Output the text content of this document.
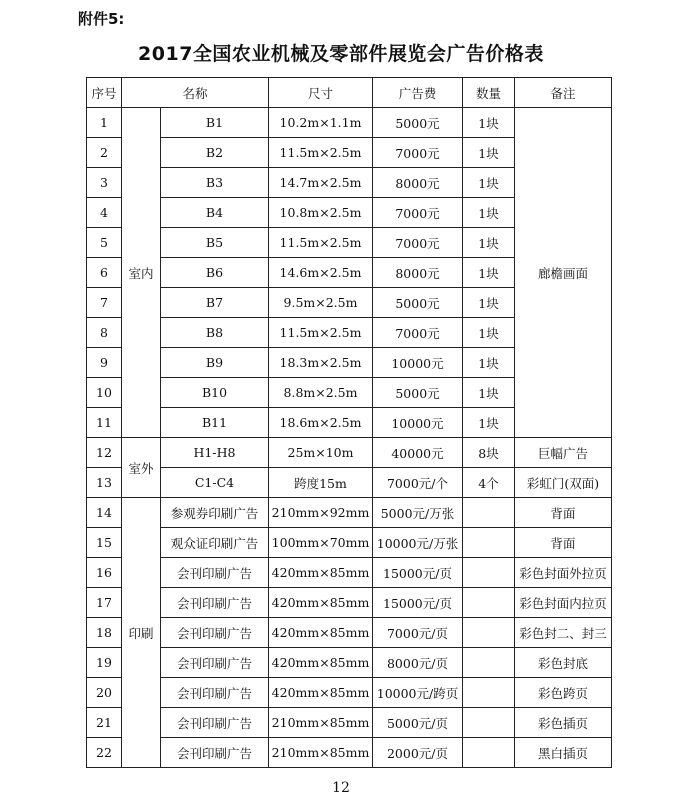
附件5:
2017全国农业机械及零部件展览会广告价格表
序号	名称		尺寸	广告费	数量	备注
1	室内	B1	10.2m×1.1m	5000元	1块	廊檐画面
2		B2	11.5m×2.5m	7000元	1块	
3		B3	14.7m×2.5m	8000元	1块	
4		B4	10.8m×2.5m	7000元	1块	
5		B5	11.5m×2.5m	7000元	1块	
6		B6	14.6m×2.5m	8000元	1块	
7		B7	9.5m×2.5m	5000元	1块	
8		B8	11.5m×2.5m	7000元	1块	
9		B9	18.3m×2.5m	10000元	1块	
10		B10	8.8m×2.5m	5000元	1块	
11		B11	18.6m×2.5m	10000元	1块	
12	室外	H1-H8	25m×10m	40000元	8块	巨幅广告
13		C1-C4	跨度15m	7000元/个	4个	彩虹门(双面)
14	印刷	参观券印刷广告	210mm×92mm	5000元/万张		背面
15		观众证印刷广告	100mm×70mm	10000元/万张		背面
16		会刊印刷广告	420mm×85mm	15000元/页		彩色封面外拉页
17		会刊印刷广告	420mm×85mm	15000元/页		彩色封面内拉页
18		会刊印刷广告	420mm×85mm	7000元/页		彩色封二、封三
19		会刊印刷广告	420mm×85mm	8000元/页		彩色封底
20		会刊印刷广告	420mm×85mm	10000元/跨页		彩色跨页
21		会刊印刷广告	210mm×85mm	5000元/页		彩色插页
22		会刊印刷广告	210mm×85mm	2000元/页		黑白插页
12
